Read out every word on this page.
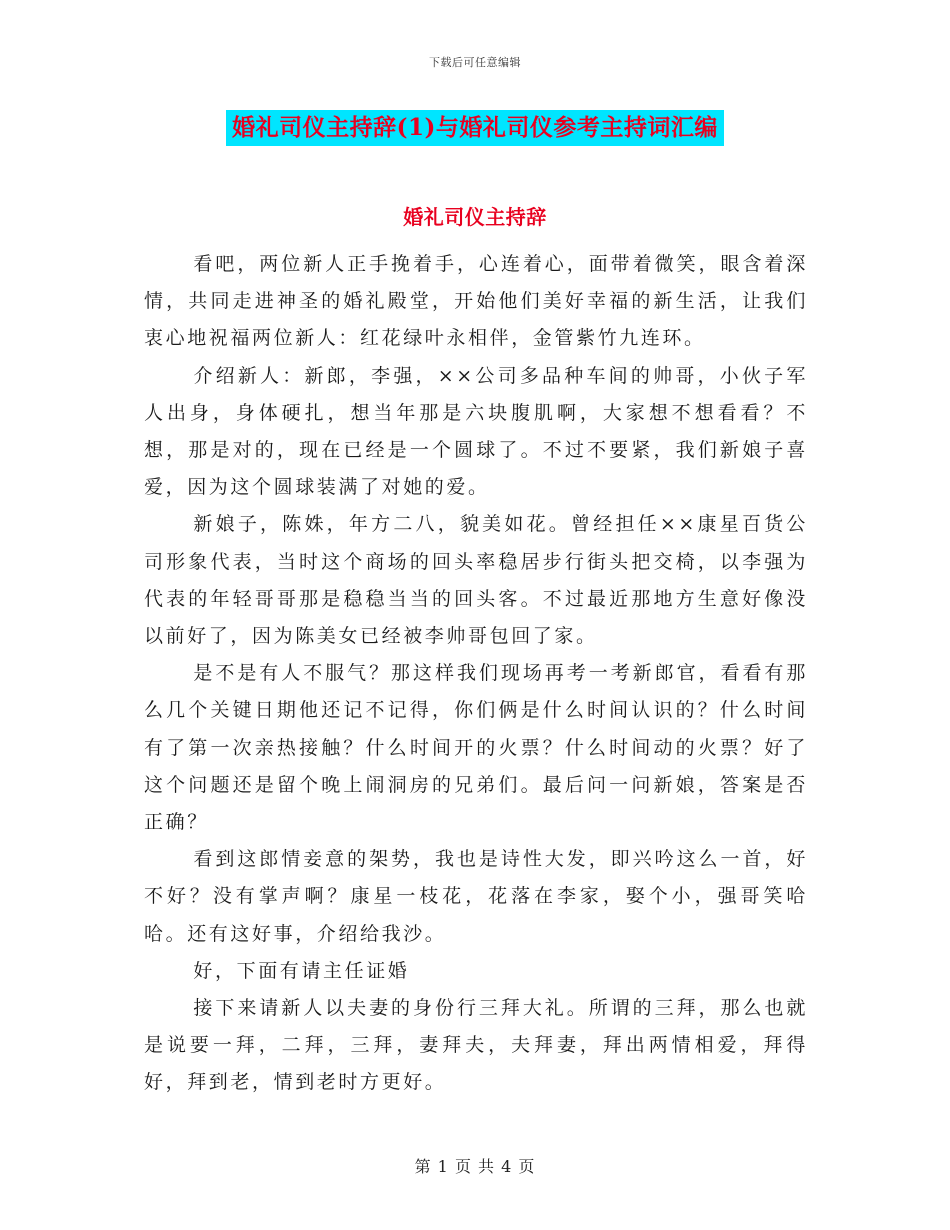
下载后可任意编辑
婚礼司仪主持辞(1)与婚礼司仪参考主持词汇编
婚礼司仪主持辞

看吧，两位新人正手挽着手，心连着心，面带着微笑，眼含着深情，共同走进神圣的婚礼殿堂，开始他们美好幸福的新生活，让我们衷心地祝福两位新人：红花绿叶永相伴，金管紫竹九连环。

介绍新人：新郎，李强，××公司多品种车间的帅哥，小伙子军人出身，身体硬扎，想当年那是六块腹肌啊，大家想不想看看？不想，那是对的，现在已经是一个圆球了。不过不要紧，我们新娘子喜爱，因为这个圆球装满了对她的爱。

新娘子，陈姝，年方二八，貌美如花。曾经担任××康星百货公司形象代表，当时这个商场的回头率稳居步行街头把交椅，以李强为代表的年轻哥哥那是稳稳当当的回头客。不过最近那地方生意好像没以前好了，因为陈美女已经被李帅哥包回了家。

是不是有人不服气？那这样我们现场再考一考新郎官，看看有那么几个关键日期他还记不记得，你们俩是什么时间认识的？什么时间有了第一次亲热接触？什么时间开的火票？什么时间动的火票？好了这个问题还是留个晚上闹洞房的兄弟们。最后问一问新娘，答案是否正确？

看到这郎情妾意的架势，我也是诗性大发，即兴吟这么一首，好不好？没有掌声啊？康星一枝花，花落在李家，娶个小，强哥笑哈哈。还有这好事，介绍给我沙。

好，下面有请主任证婚

接下来请新人以夫妻的身份行三拜大礼。所谓的三拜，那么也就是说要一拜，二拜，三拜，妻拜夫，夫拜妻，拜出两情相爱，拜得好，拜到老，情到老时方更好。

第 1 页 共 4 页
